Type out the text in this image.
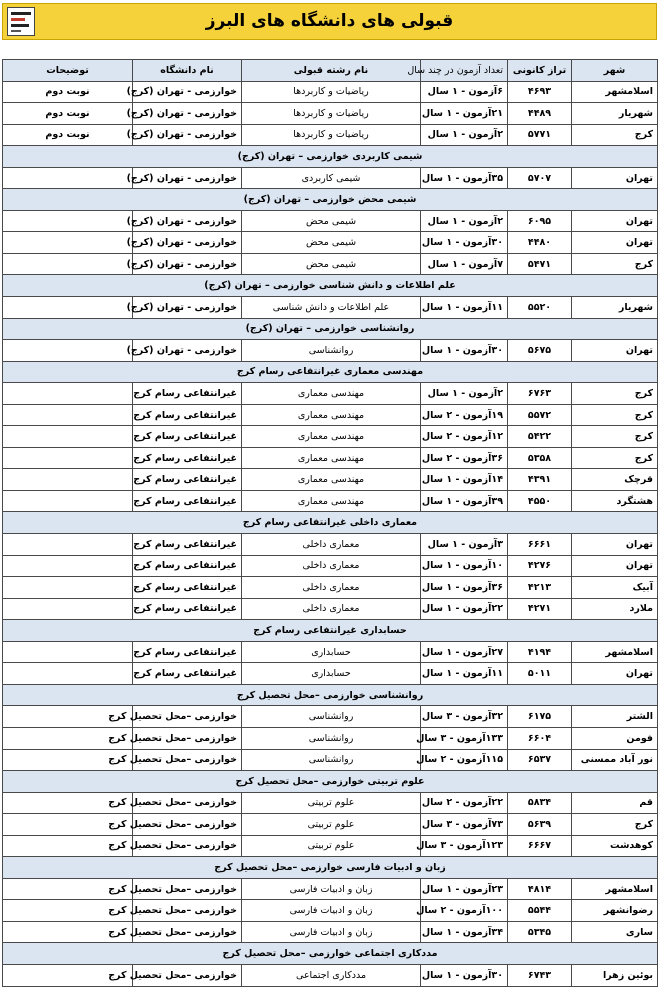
قبولی های دانشگاه های البرز
شهر	تراز کانونی	تعداد آزمون در چند سال	نام رشته قبولی	نام دانشگاه	توضیحات
اسلامشهر	۴۶۹۳	۶آزمون - ۱ سال	ریاضیات و کاربردها	خوارزمی - تهران (کرج)	نوبت دوم
شهریار	۴۴۸۹	۲۱آزمون - ۱ سال	ریاضیات و کاربردها	خوارزمی - تهران (کرج)	نوبت دوم
کرج	۵۷۷۱	۲آزمون - ۱ سال	ریاضیات و کاربردها	خوارزمی - تهران (کرج)	نوبت دوم
شیمی کاربردی خوارزمی – تهران (کرج)					
تهران	۵۷۰۷	۳۵آزمون - ۱ سال	شیمی کاربردی	خوارزمی - تهران (کرج)	
شیمی محض خوارزمی – تهران (کرج)					
تهران	۶۰۹۵	۲آزمون - ۱ سال	شیمی محض	خوارزمی - تهران (کرج)	
تهران	۴۴۸۰	۳۰آزمون - ۱ سال	شیمی محض	خوارزمی - تهران (کرج)	
کرج	۵۴۷۱	۷آزمون - ۱ سال	شیمی محض	خوارزمی - تهران (کرج)	
علم اطلاعات و دانش شناسی خوارزمی – تهران (کرج)					
شهریار	۵۵۲۰	۱۱آزمون - ۱ سال	علم اطلاعات و دانش شناسی	خوارزمی - تهران (کرج)	
روانشناسی خوارزمی – تهران (کرج)					
تهران	۵۶۷۵	۳۰آزمون - ۱ سال	روانشناسی	خوارزمی - تهران (کرج)	
مهندسی معماری غیرانتفاعی رسام کرج					
کرج	۶۷۶۳	۲آزمون - ۱ سال	مهندسی معماری	غیرانتفاعی رسام کرج	
کرج	۵۵۷۲	۱۹آزمون - ۲ سال	مهندسی معماری	غیرانتفاعی رسام کرج	
کرج	۵۴۲۲	۱۲آزمون - ۲ سال	مهندسی معماری	غیرانتفاعی رسام کرج	
کرج	۵۳۵۸	۳۶آزمون - ۲ سال	مهندسی معماری	غیرانتفاعی رسام کرج	
قرچک	۴۳۹۱	۱۴آزمون - ۱ سال	مهندسی معماری	غیرانتفاعی رسام کرج	
هشتگرد	۴۵۵۰	۳۹آزمون - ۱ سال	مهندسی معماری	غیرانتفاعی رسام کرج	
معماری داخلی غیرانتفاعی رسام کرج					
تهران	۶۶۶۱	۳آزمون - ۱ سال	معماری داخلی	غیرانتفاعی رسام کرج	
تهران	۴۲۷۶	۱۰آزمون - ۱ سال	معماری داخلی	غیرانتفاعی رسام کرج	
آبیک	۴۲۱۳	۳۶آزمون - ۱ سال	معماری داخلی	غیرانتفاعی رسام کرج	
ملارد	۴۲۷۱	۲۲آزمون - ۱ سال	معماری داخلی	غیرانتفاعی رسام کرج	
حسابداری غیرانتفاعی رسام کرج					
اسلامشهر	۴۱۹۴	۲۷آزمون - ۱ سال	حسابداری	غیرانتفاعی رسام کرج	
تهران	۵۰۱۱	۱۱آزمون - ۱ سال	حسابداری	غیرانتفاعی رسام کرج	
روانشناسی خوارزمی –محل تحصیل کرج					
الشتر	۶۱۷۵	۳۲آزمون - ۳ سال	روانشناسی	خوارزمی –محل تحصیل کرج	
فومن	۶۶۰۴	۱۳۳آزمون - ۳ سال	روانشناسی	خوارزمی –محل تحصیل کرج	
نور آباد ممسنی	۶۵۳۷	۱۱۵آزمون - ۲ سال	روانشناسی	خوارزمی –محل تحصیل کرج	
علوم تربیتی خوارزمی –محل تحصیل کرج					
قم	۵۸۳۴	۲۲آزمون - ۲ سال	علوم تربیتی	خوارزمی –محل تحصیل کرج	
کرج	۵۶۳۹	۷۳آزمون - ۳ سال	علوم تربیتی	خوارزمی –محل تحصیل کرج	
کوهدشت	۶۶۶۷	۱۲۳آزمون - ۳ سال	علوم تربیتی	خوارزمی –محل تحصیل کرج	
زبان و ادبیات فارسی خوارزمی –محل تحصیل کرج					
اسلامشهر	۴۸۱۴	۲۳آزمون - ۱ سال	زبان و ادبیات فارسی	خوارزمی –محل تحصیل کرج	
رضوانشهر	۵۵۴۴	۱۰۰آزمون - ۲ سال	زبان و ادبیات فارسی	خوارزمی –محل تحصیل کرج	
ساری	۵۳۴۵	۳۴آزمون - ۱ سال	زبان و ادبیات فارسی	خوارزمی –محل تحصیل کرج	
مددکاری اجتماعی خوارزمی –محل تحصیل کرج					
بوئین زهرا	۶۷۴۳	۳۰آزمون - ۱ سال	مددکاری اجتماعی	خوارزمی –محل تحصیل کرج	
